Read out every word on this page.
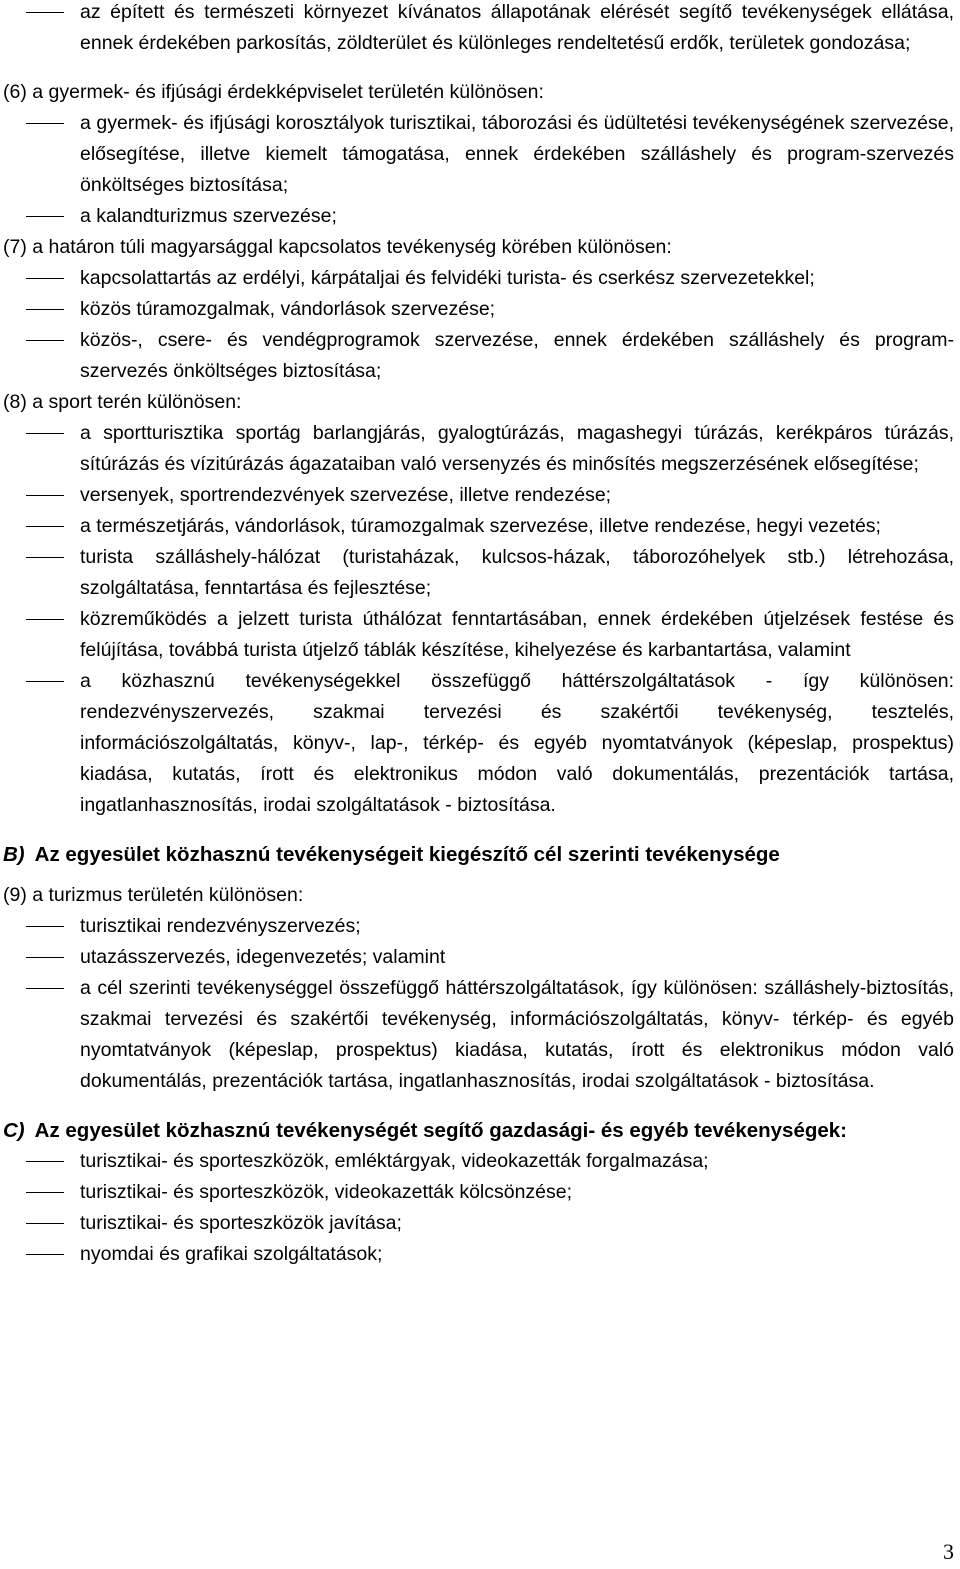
az épített és természeti környezet kívánatos állapotának elérését segítő tevékenységek ellátása, ennek érdekében parkosítás, zöldterület és különleges rendeltetésű erdők, területek gondozása;
(6) a gyermek- és ifjúsági érdekképviselet területén különösen:
a gyermek- és ifjúsági korosztályok turisztikai, táborozási és üdültetési tevékenységének szervezése, elősegítése, illetve kiemelt támogatása, ennek érdekében szálláshely és program-szervezés önköltséges biztosítása;
a kalandturizmus szervezése;
(7) a határon túli magyarsággal kapcsolatos tevékenység körében különösen:
kapcsolattartás az erdélyi, kárpátaljai és felvidéki turista- és cserkész szervezetekkel;
közös túramozgalmak, vándorlások szervezése;
közös-, csere- és vendégprogramok szervezése, ennek érdekében szálláshely és program-szervezés önköltséges biztosítása;
(8) a sport terén különösen:
a sportturisztika sportág barlangjárás, gyalogtúrázás, magashegyi túrázás, kerékpáros túrázás, sítúrázás és vízitúrázás ágazataiban való versenyzés és minősítés megszerzésének elősegítése;
versenyek, sportrendezvények szervezése, illetve rendezése;
a természetjárás, vándorlások, túramozgalmak szervezése, illetve rendezése, hegyi vezetés;
turista szálláshely-hálózat (turistaházak, kulcsos-házak, táborozóhelyek stb.) létrehozása, szolgáltatása, fenntartása és fejlesztése;
közreműködés a jelzett turista úthálózat fenntartásában, ennek érdekében útjelzések festése és felújítása, továbbá turista útjelző táblák készítése, kihelyezése és karbantartása, valamint
a közhasznú tevékenységekkel összefüggő háttérszolgáltatások - így különösen: rendezvényszervezés, szakmai tervezési és szakértői tevékenység, tesztelés, információszolgáltatás, könyv-, lap-, térkép- és egyéb nyomtatványok (képeslap, prospektus) kiadása, kutatás, írott és elektronikus módon való dokumentálás, prezentációk tartása, ingatlanhasznosítás, irodai szolgáltatások - biztosítása.
B) Az egyesület közhasznú tevékenységeit kiegészítő cél szerinti tevékenysége
(9) a turizmus területén különösen:
turisztikai rendezvényszervezés;
utazásszervezés, idegenvezetés; valamint
a cél szerinti tevékenységgel összefüggő háttérszolgáltatások, így különösen: szálláshely-biztosítás, szakmai tervezési és szakértői tevékenység, információszolgáltatás, könyv- térkép- és egyéb nyomtatványok (képeslap, prospektus) kiadása, kutatás, írott és elektronikus módon való dokumentálás, prezentációk tartása, ingatlanhasznosítás, irodai szolgáltatások - biztosítása.
C) Az egyesület közhasznú tevékenységét segítő gazdasági- és egyéb tevékenységek:
turisztikai- és sporteszközök, emléktárgyak, videokazetták forgalmazása;
turisztikai- és sporteszközök, videokazetták kölcsönzése;
turisztikai- és sporteszközök javítása;
nyomdai és grafikai szolgáltatások;
3
